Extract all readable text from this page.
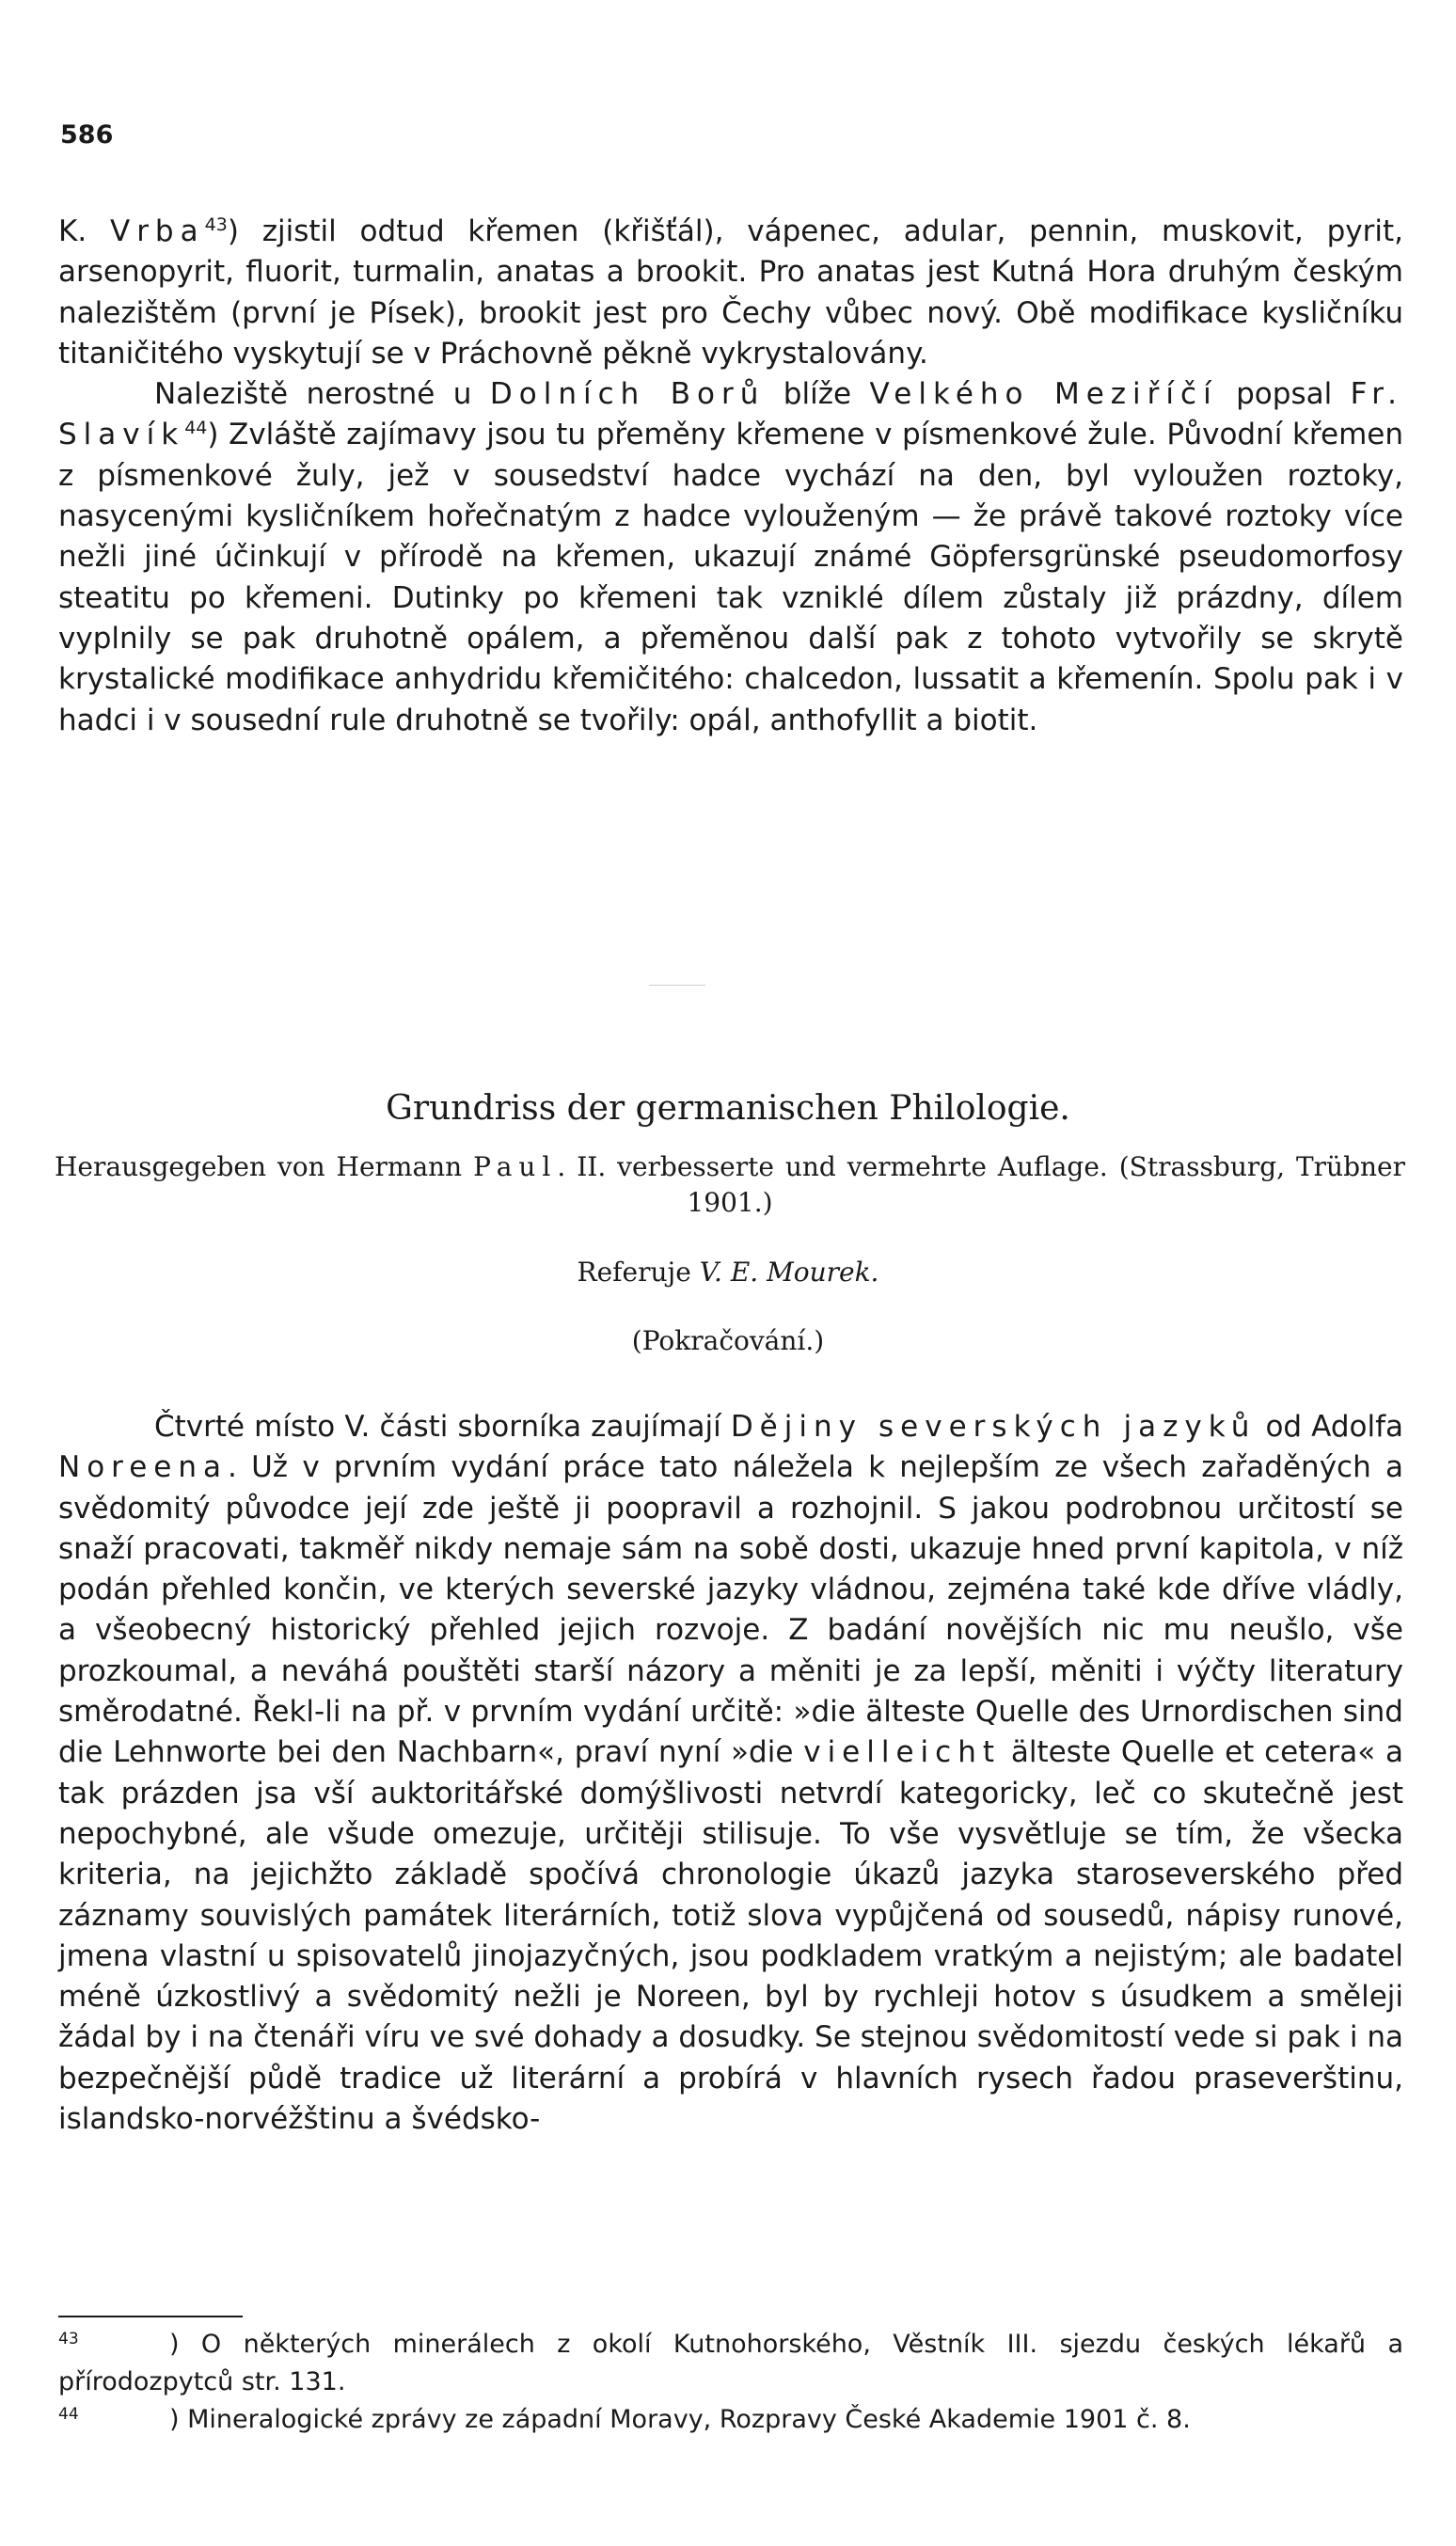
586

K. Vrba$^{43}$) zjistil odtud křemen (křišťál), vápenec, adular, pennin, muskovit, pyrit, arsenopyrit, fluorit, turmalin, anatas a brookit. Pro anatas jest Kutná Hora druhým českým nalezištěm (první je Písek), brookit jest pro Čechy vůbec nový. Obě modifikace kysličníku titaničitého vyskytují se v Práchovně pěkně vykrystalovány.

Naleziště nerostné u Dolních Borů blíže Velkého Meziříčí popsal Fr. Slavík$^{44}$) Zvláště zajímavy jsou tu přeměny křemene v písmenkové žule. Původní křemen z písmenkové žuly, jež v sousedství hadce vychází na den, byl vyloužen roztoky, nasycenými kysličníkem hořečnatým z hadce vylouženým — že právě takové roztoky více nežli jiné účinkují v přírodě na křemen, ukazují známé Göpfersgrünské pseudomorfosy steatitu po křemeni. Dutinky po křemeni tak vzniklé dílem zůstaly již prázdny, dílem vyplnily se pak druhotně opálem, a přeměnou další pak z tohoto vytvořily se skrytě krystalické modifikace anhydridu křemičitého: chalcedon, lussatit a křemenín. Spolu pak i v hadci i v sousední rule druhotně se tvořily: opál, anthofyllit a biotit.

Grundriss der germanischen Philologie.
Herausgegeben von Hermann Paul. II. verbesserte und vermehrte Auflage. (Strassburg, Trübner 1901.)
Referuje V. E. Mourek.
(Pokračování.)

Čtvrté místo V. části sborníka zaujímají Dějiny severských jazyků od Adolfa Noreena. Už v prvním vydání práce tato náležela k nejlepším ze všech zařaděných a svědomitý původce její zde ještě ji poopravil a rozhojnil. S jakou podrobnou určitostí se snaží pracovati, takměř nikdy nemaje sám na sobě dosti, ukazuje hned první kapitola, v níž podán přehled končin, ve kterých severské jazyky vládnou, zejména také kde dříve vládly, a všeobecný historický přehled jejich rozvoje. Z badání novějších nic mu neušlo, vše prozkoumal, a neváhá pouštěti starší názory a měniti je za lepší, měniti i výčty literatury směrodatné. Řekl-li na př. v prvním vydání určitě: »die älteste Quelle des Urnordischen sind die Lehnworte bei den Nachbarn«, praví nyní »die vielleicht älteste Quelle et cetera« a tak prázden jsa vší auktoritářské domýšlivosti netvrdí kategoricky, leč co skutečně jest nepochybné, ale všude omezuje, určitěji stilisuje. To vše vysvětluje se tím, že všecka kriteria, na jejichžto základě spočívá chronologie úkazů jazyka staroseverského před záznamy souvislých památek literárních, totiž slova vypůjčená od sousedů, nápisy runové, jmena vlastní u spisovatelů jinojazyčných, jsou podkladem vratkým a nejistým; ale badatel méně úzkostlivý a svědomitý nežli je Noreen, byl by rychleji hotov s úsudkem a směleji žádal by i na čtenáři víru ve své dohady a dosudky. Se stejnou svědomitostí vede si pak i na bezpečnější půdě tradice už literární a probírá v hlavních rysech řadou praseverštinu, islandsko-norvéžštinu a švédsko-

$^{43}$	) O některých minerálech z okolí Kutnohorského, Věstník III. sjezdu českých lékařů a přírodozpytců str. 131.

$^{44}$	) Mineralogické zprávy ze západní Moravy, Rozpravy České Akademie 1901 č. 8.
